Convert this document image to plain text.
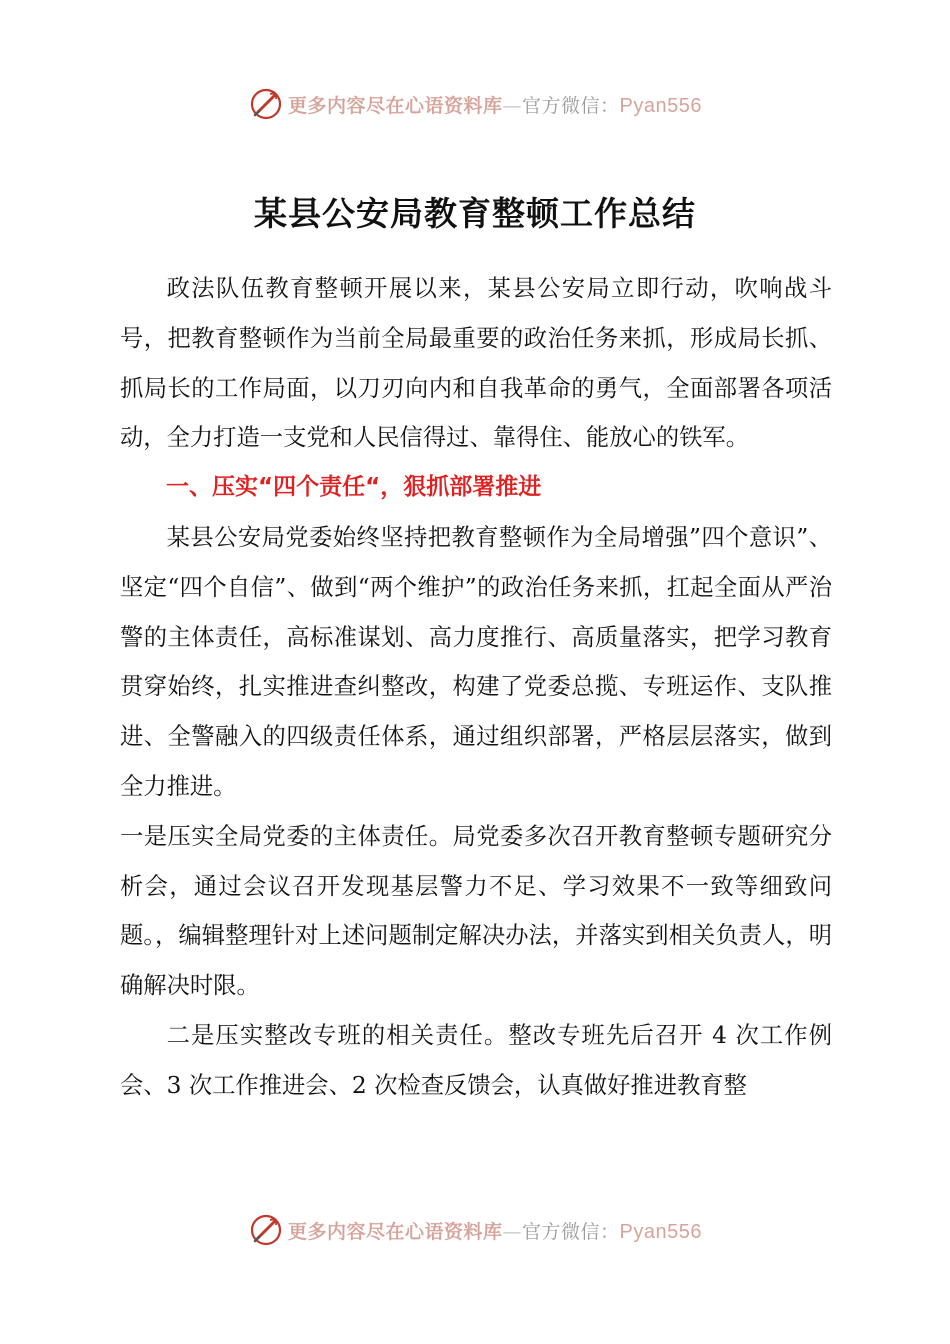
更多内容尽在心语资料库—官方微信：Pyan556
某县公安局教育整顿工作总结

政法队伍教育整顿开展以来，某县公安局立即行动，吹响战斗号，把教育整顿作为当前全局最重要的政治任务来抓，形成局长抓、抓局长的工作局面，以刀刃向内和自我革命的勇气，全面部署各项活动，全力打造一支党和人民信得过、靠得住、能放心的铁军。

一、压实“四个责任“，狠抓部署推进

某县公安局党委始终坚持把教育整顿作为全局增强”四个意识”、坚定“四个自信”、做到“两个维护”的政治任务来抓，扛起全面从严治警的主体责任，高标准谋划、高力度推行、高质量落实，把学习教育贯穿始终，扎实推进查纠整改，构建了党委总揽、专班运作、支队推进、全警融入的四级责任体系，通过组织部署，严格层层落实，做到全力推进。

一是压实全局党委的主体责任。局党委多次召开教育整顿专题研究分析会，通过会议召开发现基层警力不足、学习效果不一致等细致问题。，编辑整理针对上述问题制定解决办法，并落实到相关负责人，明确解决时限。

二是压实整改专班的相关责任。整改专班先后召开 4 次工作例会、3 次工作推进会、2 次检查反馈会，认真做好推进教育整

更多内容尽在心语资料库—官方微信：Pyan556
